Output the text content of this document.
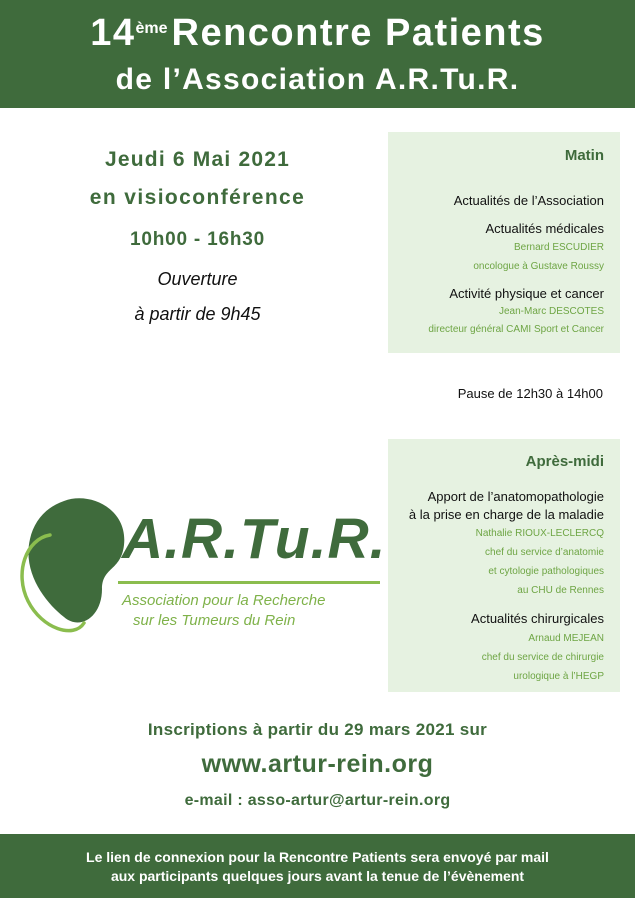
14ème Rencontre Patients
de l’Association A.R.Tu.R.
Jeudi 6 Mai 2021
en visioconférence
10h00 - 16h30
Ouverture
à partir de 9h45
Matin
Actualités de l’Association
Actualités médicales
Bernard ESCUDIER
oncologue à Gustave Roussy
Activité physique et cancer
Jean-Marc DESCOTES
directeur général CAMI Sport et Cancer
Pause de 12h30 à 14h00
Après-midi
Apport de l’anatomopathologie
à la prise en charge de la maladie
Nathalie RIOUX-LECLERCQ
chef du service d’anatomie
et cytologie pathologiques
au CHU de Rennes
Actualités chirurgicales
Arnaud MEJEAN
chef du service de chirurgie
urologique à l’HEGP
A.R.Tu.R.
Association pour la Recherche
sur les Tumeurs du Rein
Inscriptions à partir du 29 mars 2021 sur
www.artur-rein.org
e-mail : asso-artur@artur-rein.org
Le lien de connexion pour la Rencontre Patients sera envoyé par mail
aux participants quelques jours avant la tenue de l’évènement
